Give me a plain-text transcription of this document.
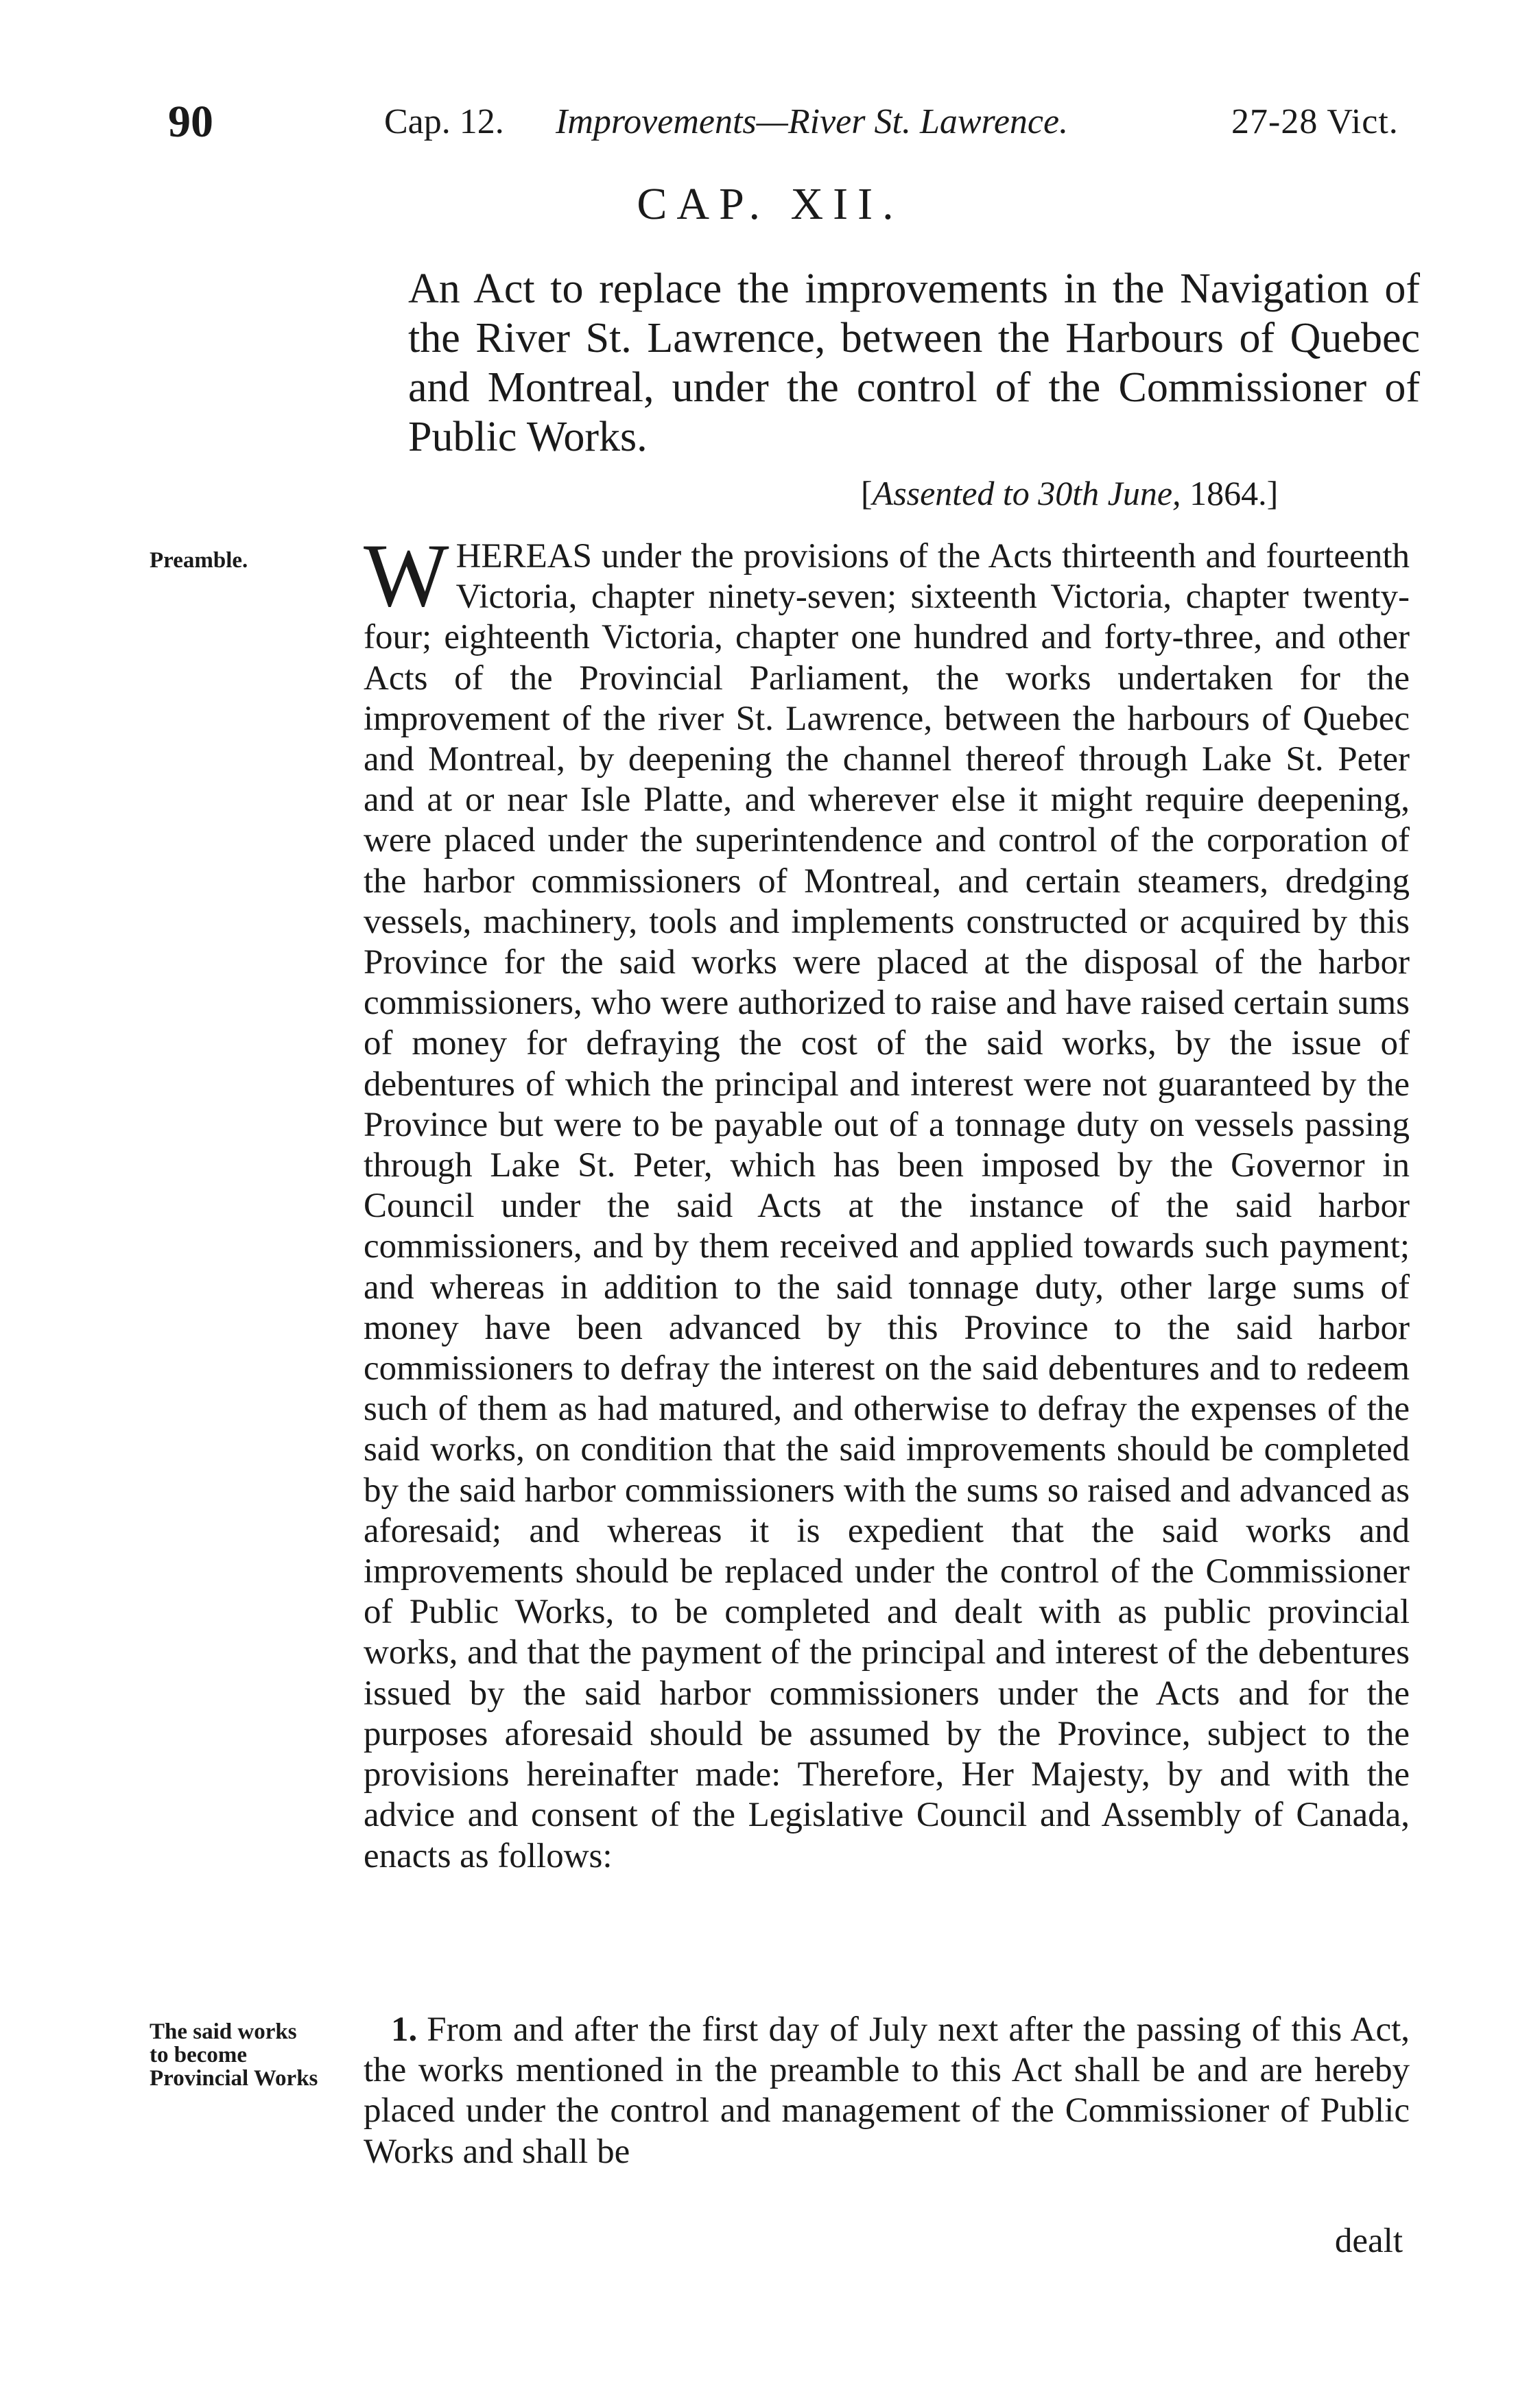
90	Cap. 12. Improvements—River St. Lawrence.	27-28 Vict.
CAP. XII.
An Act to replace the improvements in the Navigation of the River St. Lawrence, between the Harbours of Quebec and Montreal, under the control of the Commissioner of Public Works.
[Assented to 30th June, 1864.]
Preamble.	WHEREAS under the provisions of the Acts thirteenth and fourteenth Victoria, chapter ninety-seven; sixteenth Victoria, chapter twenty-four; eighteenth Victoria, chapter one hundred and forty-three, and other Acts of the Provincial Parliament, the works undertaken for the improvement of the river St. Lawrence, between the harbours of Quebec and Montreal, by deepening the channel thereof through Lake St. Peter and at or near Isle Platte, and wherever else it might require deepening, were placed under the superintendence and control of the corporation of the harbor commissioners of Montreal, and certain steamers, dredging vessels, machinery, tools and implements constructed or acquired by this Province for the said works were placed at the disposal of the harbor commissioners, who were authorized to raise and have raised certain sums of money for defraying the cost of the said works, by the issue of debentures of which the principal and interest were not guaranteed by the Province but were to be payable out of a tonnage duty on vessels passing through Lake St. Peter, which has been imposed by the Governor in Council under the said Acts at the instance of the said harbor commissioners, and by them received and applied towards such payment; and whereas in addition to the said tonnage duty, other large sums of money have been advanced by this Province to the said harbor commissioners to defray the interest on the said debentures and to redeem such of them as had matured, and otherwise to defray the expenses of the said works, on condition that the said improvements should be completed by the said harbor commissioners with the sums so raised and advanced as aforesaid; and whereas it is expedient that the said works and improvements should be replaced under the control of the Commissioner of Public Works, to be completed and dealt with as public provincial works, and that the payment of the principal and interest of the debentures issued by the said harbor commissioners under the Acts and for the purposes aforesaid should be assumed by the Province, subject to the provisions hereinafter made: Therefore, Her Majesty, by and with the advice and consent of the Legislative Council and Assembly of Canada, enacts as follows:

The said works to become Provincial Works

1. From and after the first day of July next after the passing of this Act, the works mentioned in the preamble to this Act shall be and are hereby placed under the control and management of the Commissioner of Public Works and shall be

dealt
